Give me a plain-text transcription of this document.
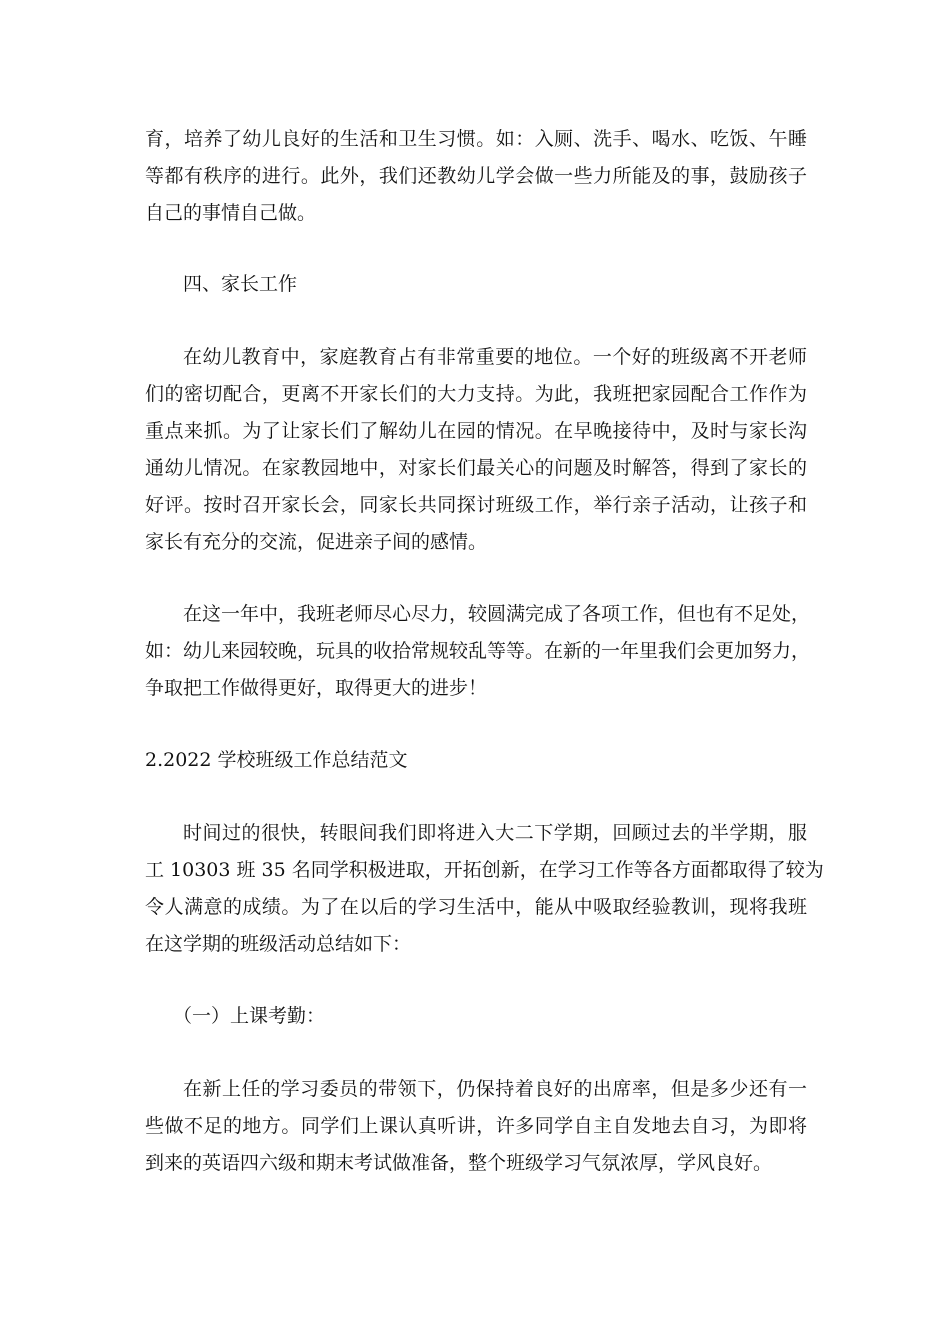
育，培养了幼儿良好的生活和卫生习惯。如：入厕、洗手、喝水、吃饭、午睡
等都有秩序的进行。此外，我们还教幼儿学会做一些力所能及的事，鼓励孩子
自己的事情自己做。
四、家长工作
在幼儿教育中，家庭教育占有非常重要的地位。一个好的班级离不开老师
们的密切配合，更离不开家长们的大力支持。为此，我班把家园配合工作作为
重点来抓。为了让家长们了解幼儿在园的情况。在早晚接待中，及时与家长沟
通幼儿情况。在家教园地中，对家长们最关心的问题及时解答，得到了家长的
好评。按时召开家长会，同家长共同探讨班级工作，举行亲子活动，让孩子和
家长有充分的交流，促进亲子间的感情。
在这一年中，我班老师尽心尽力，较圆满完成了各项工作，但也有不足处，
如：幼儿来园较晚，玩具的收拾常规较乱等等。在新的一年里我们会更加努力，
争取把工作做得更好，取得更大的进步！
2.2022 学校班级工作总结范文
时间过的很快，转眼间我们即将进入大二下学期，回顾过去的半学期，服
工 10303 班 35 名同学积极进取，开拓创新，在学习工作等各方面都取得了较为
令人满意的成绩。为了在以后的学习生活中，能从中吸取经验教训，现将我班
在这学期的班级活动总结如下：
（一）上课考勤：
在新上任的学习委员的带领下，仍保持着良好的出席率，但是多少还有一
些做不足的地方。同学们上课认真听讲，许多同学自主自发地去自习，为即将
到来的英语四六级和期末考试做准备，整个班级学习气氛浓厚，学风良好。
